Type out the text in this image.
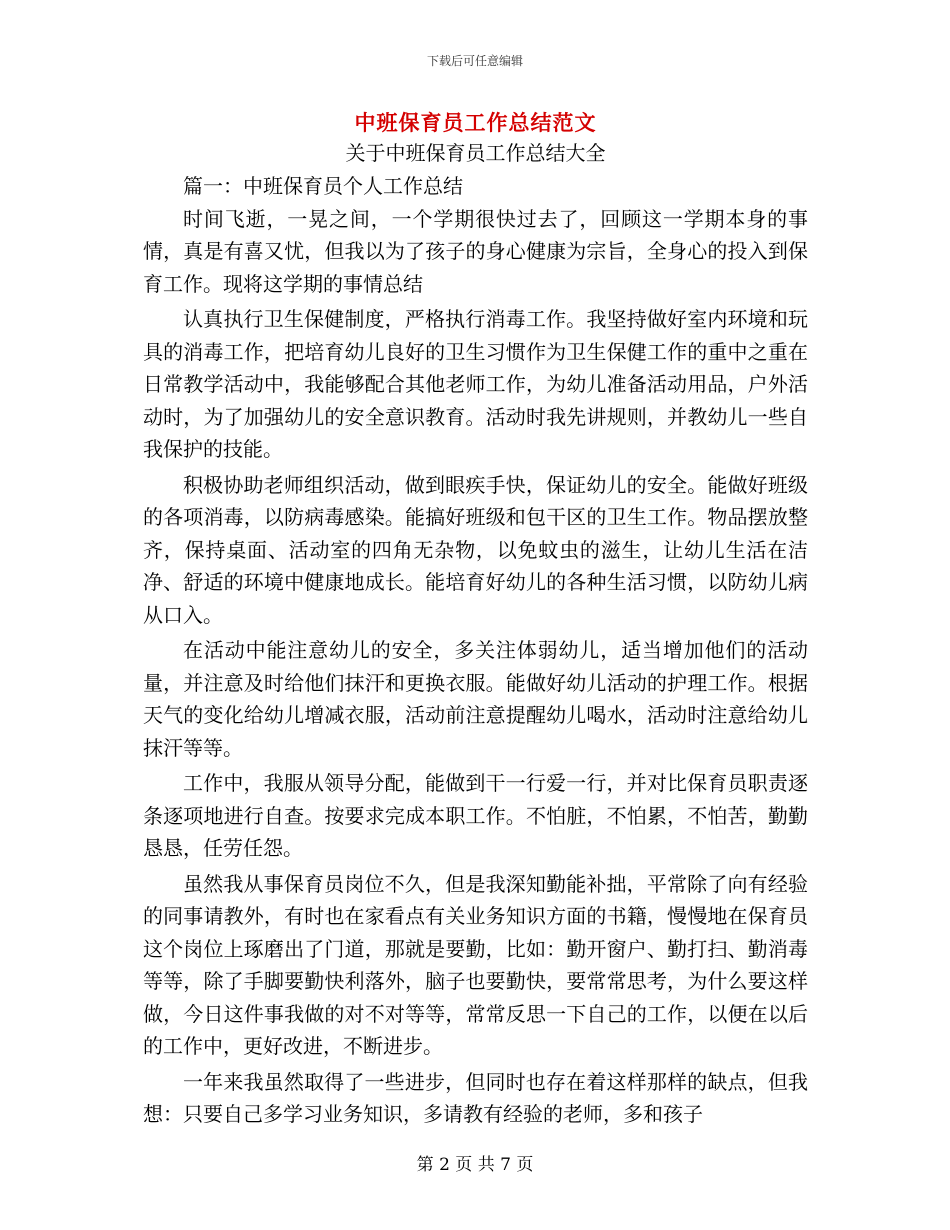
下载后可任意编辑
中班保育员工作总结范文
关于中班保育员工作总结大全

篇一：中班保育员个人工作总结

时间飞逝，一晃之间，一个学期很快过去了，回顾这一学期本身的事情，真是有喜又忧，但我以为了孩子的身心健康为宗旨，全身心的投入到保育工作。现将这学期的事情总结

认真执行卫生保健制度，严格执行消毒工作。我坚持做好室内环境和玩具的消毒工作，把培育幼儿良好的卫生习惯作为卫生保健工作的重中之重在日常教学活动中，我能够配合其他老师工作，为幼儿准备活动用品，户外活动时，为了加强幼儿的安全意识教育。活动时我先讲规则，并教幼儿一些自我保护的技能。

积极协助老师组织活动，做到眼疾手快，保证幼儿的安全。能做好班级的各项消毒，以防病毒感染。能搞好班级和包干区的卫生工作。物品摆放整齐，保持桌面、活动室的四角无杂物，以免蚊虫的滋生，让幼儿生活在洁净、舒适的环境中健康地成长。能培育好幼儿的各种生活习惯，以防幼儿病从口入。

在活动中能注意幼儿的安全，多关注体弱幼儿，适当增加他们的活动量，并注意及时给他们抹汗和更换衣服。能做好幼儿活动的护理工作。根据天气的变化给幼儿增减衣服，活动前注意提醒幼儿喝水，活动时注意给幼儿抹汗等等。

工作中，我服从领导分配，能做到干一行爱一行，并对比保育员职责逐条逐项地进行自查。按要求完成本职工作。不怕脏，不怕累，不怕苦，勤勤恳恳，任劳任怨。

虽然我从事保育员岗位不久，但是我深知勤能补拙，平常除了向有经验的同事请教外，有时也在家看点有关业务知识方面的书籍，慢慢地在保育员这个岗位上琢磨出了门道，那就是要勤，比如：勤开窗户、勤打扫、勤消毒等等，除了手脚要勤快利落外，脑子也要勤快，要常常思考，为什么要这样做，今日这件事我做的对不对等等，常常反思一下自己的工作，以便在以后的工作中，更好改进，不断进步。

一年来我虽然取得了一些进步，但同时也存在着这样那样的缺点，但我想：只要自己多学习业务知识，多请教有经验的老师，多和孩子

第 2 页 共 7 页
